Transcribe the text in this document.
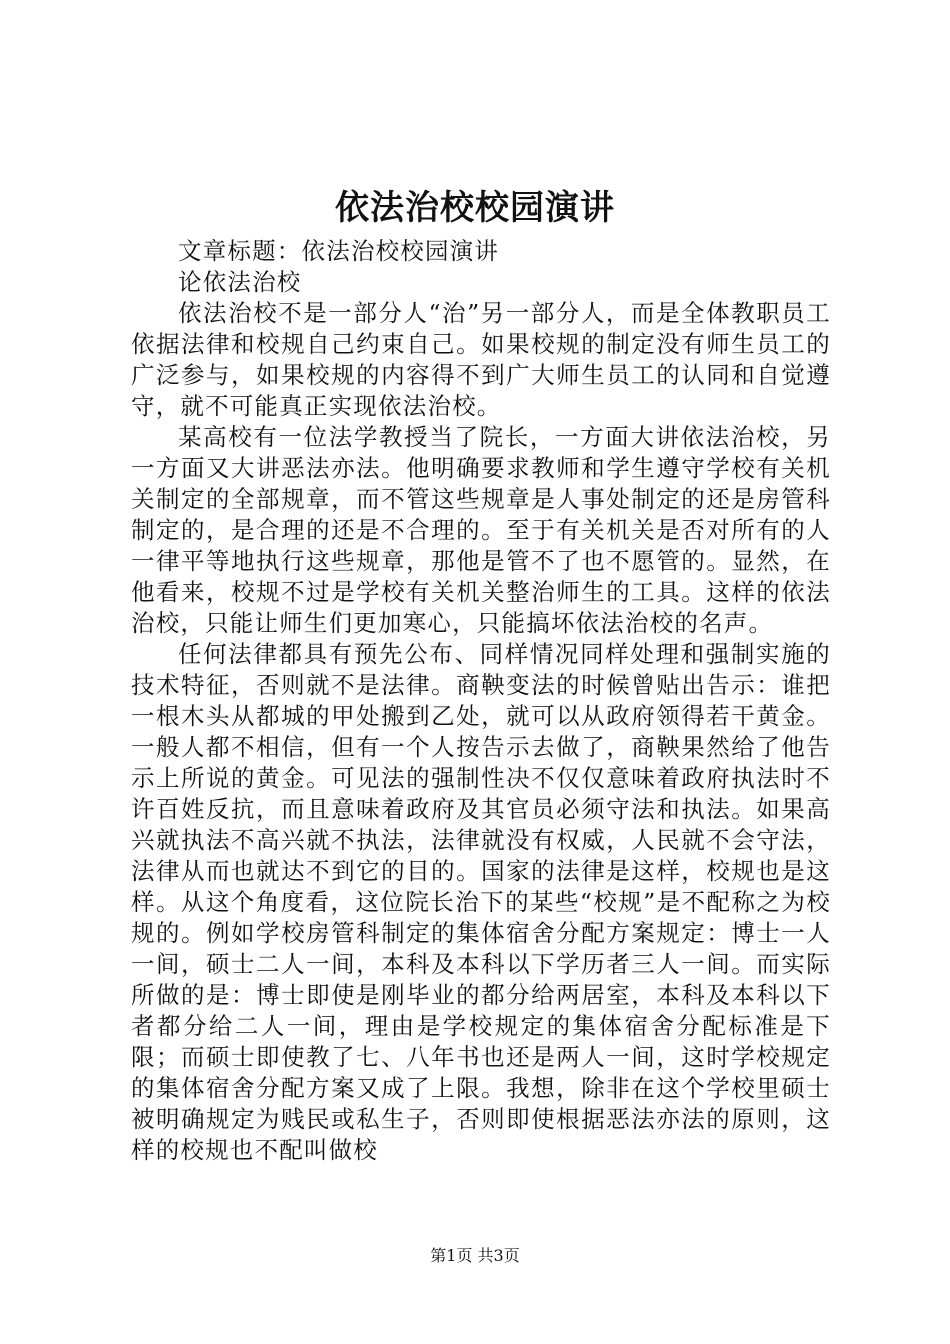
依法治校校园演讲

文章标题：依法治校校园演讲

论依法治校

依法治校不是一部分人“治”另一部分人，而是全体教职员工依据法律和校规自己约束自己。如果校规的制定没有师生员工的广泛参与，如果校规的内容得不到广大师生员工的认同和自觉遵守，就不可能真正实现依法治校。

某高校有一位法学教授当了院长，一方面大讲依法治校，另一方面又大讲恶法亦法。他明确要求教师和学生遵守学校有关机关制定的全部规章，而不管这些规章是人事处制定的还是房管科制定的，是合理的还是不合理的。至于有关机关是否对所有的人一律平等地执行这些规章，那他是管不了也不愿管的。显然，在他看来，校规不过是学校有关机关整治师生的工具。这样的依法治校，只能让师生们更加寒心，只能搞坏依法治校的名声。

任何法律都具有预先公布、同样情况同样处理和强制实施的技术特征，否则就不是法律。商鞅变法的时候曾贴出告示：谁把一根木头从都城的甲处搬到乙处，就可以从政府领得若干黄金。一般人都不相信，但有一个人按告示去做了，商鞅果然给了他告示上所说的黄金。可见法的强制性决不仅仅意味着政府执法时不许百姓反抗，而且意味着政府及其官员必须守法和执法。如果高兴就执法不高兴就不执法，法律就没有权威，人民就不会守法，法律从而也就达不到它的目的。国家的法律是这样，校规也是这样。从这个角度看，这位院长治下的某些“校规”是不配称之为校规的。例如学校房管科制定的集体宿舍分配方案规定：博士一人一间，硕士二人一间，本科及本科以下学历者三人一间。而实际所做的是：博士即使是刚毕业的都分给两居室，本科及本科以下者都分给二人一间，理由是学校规定的集体宿舍分配标准是下限；而硕士即使教了七、八年书也还是两人一间，这时学校规定的集体宿舍分配方案又成了上限。我想，除非在这个学校里硕士被明确规定为贱民或私生子，否则即使根据恶法亦法的原则，这样的校规也不配叫做校

第1页 共3页
